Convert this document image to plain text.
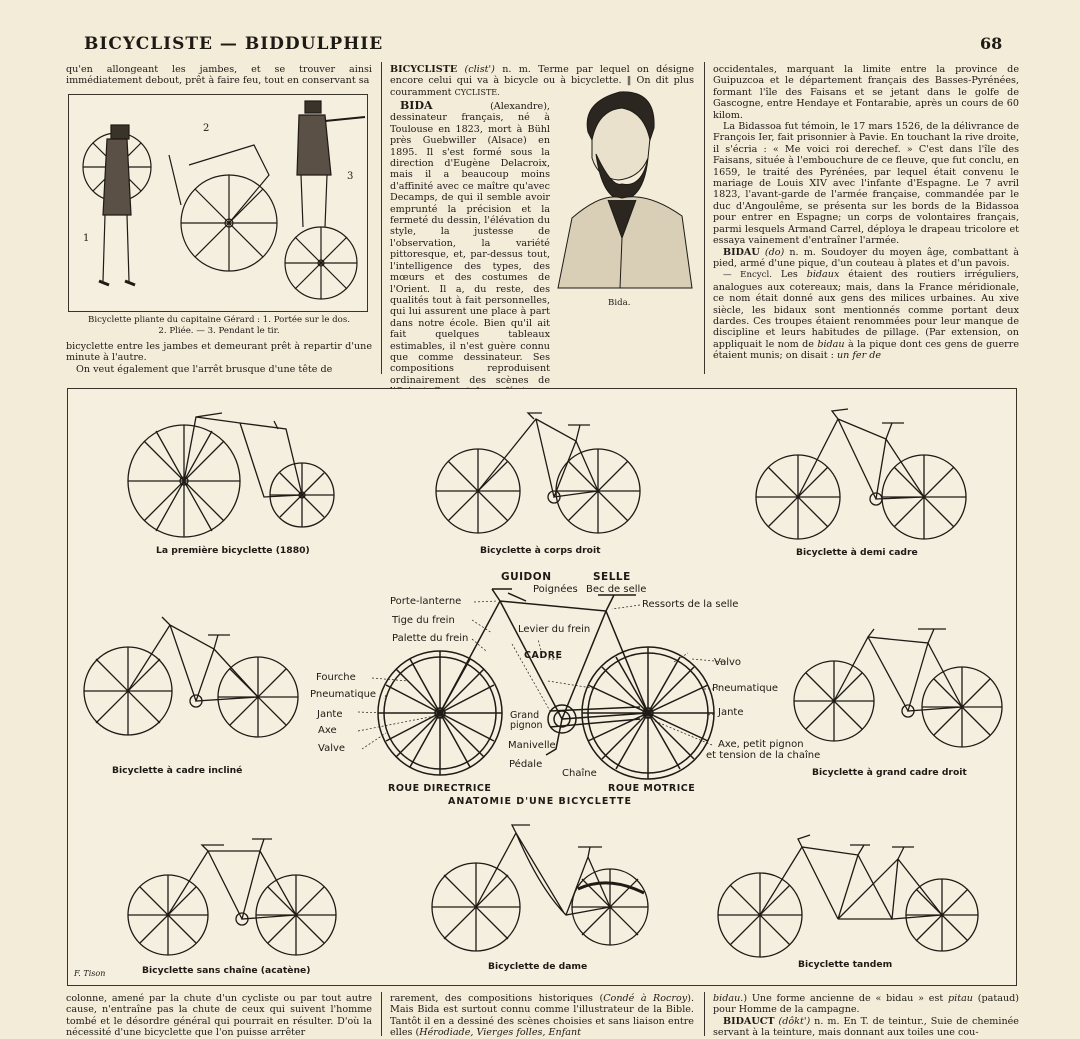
BICYCLISTE — BIDDULPHIE	68

qu'en allongeant les jambes, et se trouver ainsi immédiatement debout, prêt à faire feu, tout en conservant sa

1
2
3
Bicyclette pliante du capitaine Gérard : 1. Portée sur le dos.
2. Pliée. — 3. Pendant le tir.

bicyclette entre les jambes et demeurant prêt à repartir d'une minute à l'autre.

On veut également que l'arrêt brusque d'une tête de

BICYCLISTE (clist') n. m. Terme par lequel on désigne encore celui qui va à bicycle ou à bicyclette. ‖ On dit plus couramment CYCLISTE.

BIDA	(Alexandre), dessinateur français, né à Toulouse en 1823, mort à Bühl près Guebwiller (Alsace) en 1895. Il s'est formé sous la direction d'Eugène Delacroix, mais il a beaucoup moins d'affinité avec ce maître qu'avec Decamps, de qui il semble avoir emprunté la précision et la fermeté du dessin, l'élévation du style, la justesse de l'observation, la variété pittoresque, et, par-dessus tout, l'intelligence des types, des mœurs et des costumes de l'Orient. Il a, du reste, des qualités tout à fait personnelles, qui lui assurent une place à part dans notre école. Bien qu'il ait fait quelques tableaux estimables, il n'est guère connu que comme dessinateur. Ses compositions reproduisent ordinairement des scènes de

Bida.

occidentales, marquant la limite entre la province de Guipuzcoa et le département français des Basses-Pyrénées, formant l'île des Faisans et se jetant dans le golfe de Gascogne, entre Hendaye et Fontarabie, après un cours de 60 kilom.

La Bidassoa fut témoin, le 17 mars 1526, de la délivrance de François Ier, fait prisonnier à Pavie. En touchant la rive droite, il s'écria : « Me voici roi derechef. » C'est dans l'île des Faisans, située à l'embouchure de ce fleuve, que fut conclu, en 1659, le traité des Pyrénées, par lequel était convenu le mariage de Louis XIV avec l'infante d'Espagne. Le 7 avril 1823, l'avant-garde de l'armée française, commandée par le duc d'Angoulême, se présenta sur les bords de la Bidassoa pour entrer en Espagne; un corps de volontaires français, parmi lesquels Armand Carrel, déploya le drapeau tricolore et essaya vainement d'entraîner l'armée.

BIDAU (do) n. m. Soudoyer du moyen âge, combattant à pied, armé d'une pique, d'un couteau à plates et d'un pavois.

— Encycl. Les bidaux étaient des routiers irréguliers, analogues aux cotereaux; mais, dans la France méridionale, ce nom était donné aux gens des milices urbaines. Au xive siècle, les bidaux sont mentionnés comme portant deux dardes. Ces troupes étaient renommées pour leur manque de discipline et leurs habitudes de pillage. (Par extension, on appliquait le nom de bidau à la pique dont ces gens de guerre étaient munis; on disait : un fer de

La première bicyclette (1880)	Bicyclette à corps droit	Bicyclette à demi cadre
Bicyclette à cadre incliné	Bicyclette à grand cadre droit
Bicyclette sans chaîne (acatène)	Bicyclette de dame	Bicyclette tandem
GUIDON	SELLE
Poignées Bec de selle
Porte-lanterne	Ressorts de la selle
Tige du frein
Levier du frein
Palette du frein
CADRE
Fourche
Valvo
Pneumatique
Pneumatique
Jante	Jante
Axe
Grand pignon
Valve	Manivelle	Axe, petit pignon
et tension de la chaîne
Pédale
Chaîne
ROUE DIRECTRICE	ROUE MOTRICE
ANATOMIE D'UNE BICYCLETTE
F. Tison

colonne, amené par la chute d'un cycliste ou par tout autre cause, n'entraîne pas la chute de ceux qui suivent l'homme tombé et le désordre général qui pourrait en résulter. D'où la nécessité d'une bicyclette que l'on puisse arrêter

rarement, des compositions historiques (Condé à Rocroy). Mais Bida est surtout connu comme l'illustrateur de la Bible. Tantôt il en a dessiné des scènes choisies et sans liaison entre elles (Hérodiade, Vierges folles, Enfant

bidau.) Une forme ancienne de « bidau » est pitau (pataud) pour Homme de la campagne.

BIDAUCT (dôkt') n. m. En T. de teintur., Suie de cheminée servant à la teinture, mais donnant aux toiles une cou-
